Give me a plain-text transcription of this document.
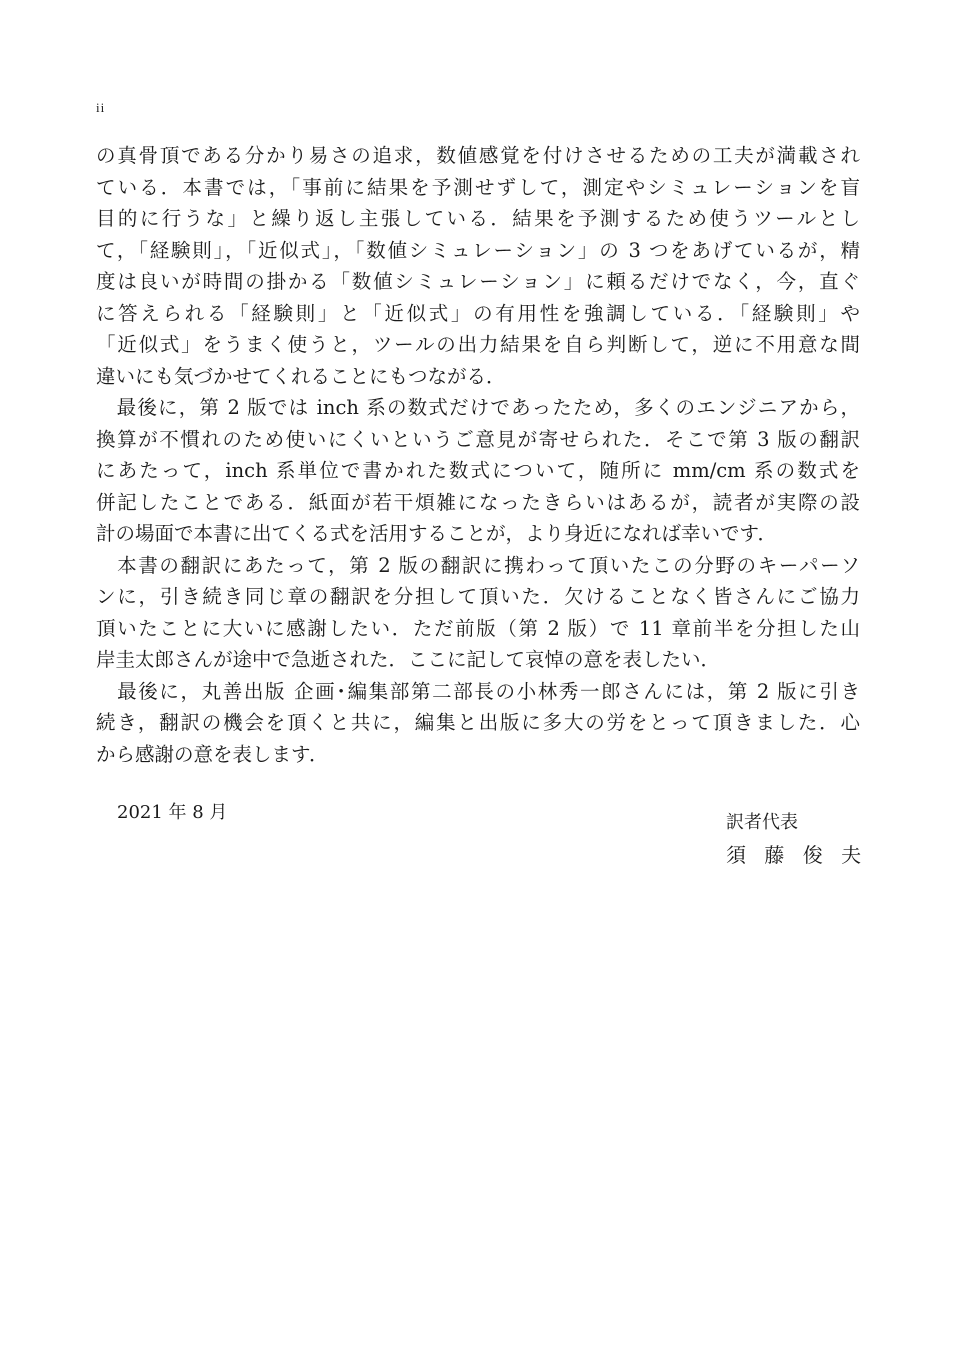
ii
の真骨頂である分かり易さの追求，数値感覚を付けさせるための工夫が満載され
ている．本書では，「事前に結果を予測せずして，測定やシミュレーションを盲
目的に行うな」と繰り返し主張している．結果を予測するため使うツールとし
て，「経験則」，「近似式」，「数値シミュレーション」の 3 つをあげているが，精
度は良いが時間の掛かる「数値シミュレーション」に頼るだけでなく，今，直ぐ
に答えられる「経験則」と「近似式」の有用性を強調している．「経験則」や
「近似式」をうまく使うと，ツールの出力結果を自ら判断して，逆に不用意な間
違いにも気づかせてくれることにもつながる．
　最後に，第 2 版では inch 系の数式だけであったため，多くのエンジニアから，
換算が不慣れのため使いにくいというご意見が寄せられた．そこで第 3 版の翻訳
にあたって，inch 系単位で書かれた数式について，随所に mm/cm 系の数式を
併記したことである．紙面が若干煩雑になったきらいはあるが，読者が実際の設
計の場面で本書に出てくる式を活用することが，より身近になれば幸いです．
　本書の翻訳にあたって，第 2 版の翻訳に携わって頂いたこの分野のキーパーソ
ンに，引き続き同じ章の翻訳を分担して頂いた．欠けることなく皆さんにご協力
頂いたことに大いに感謝したい．ただ前版（第 2 版）で 11 章前半を分担した山
岸圭太郎さんが途中で急逝された．ここに記して哀悼の意を表したい．
　最後に，丸善出版 企画･編集部第二部長の小林秀一郎さんには，第 2 版に引き
続き，翻訳の機会を頂くと共に，編集と出版に多大の労をとって頂きました．心
から感謝の意を表します．
2021 年 8 月	訳者代表
須 藤 俊 夫
